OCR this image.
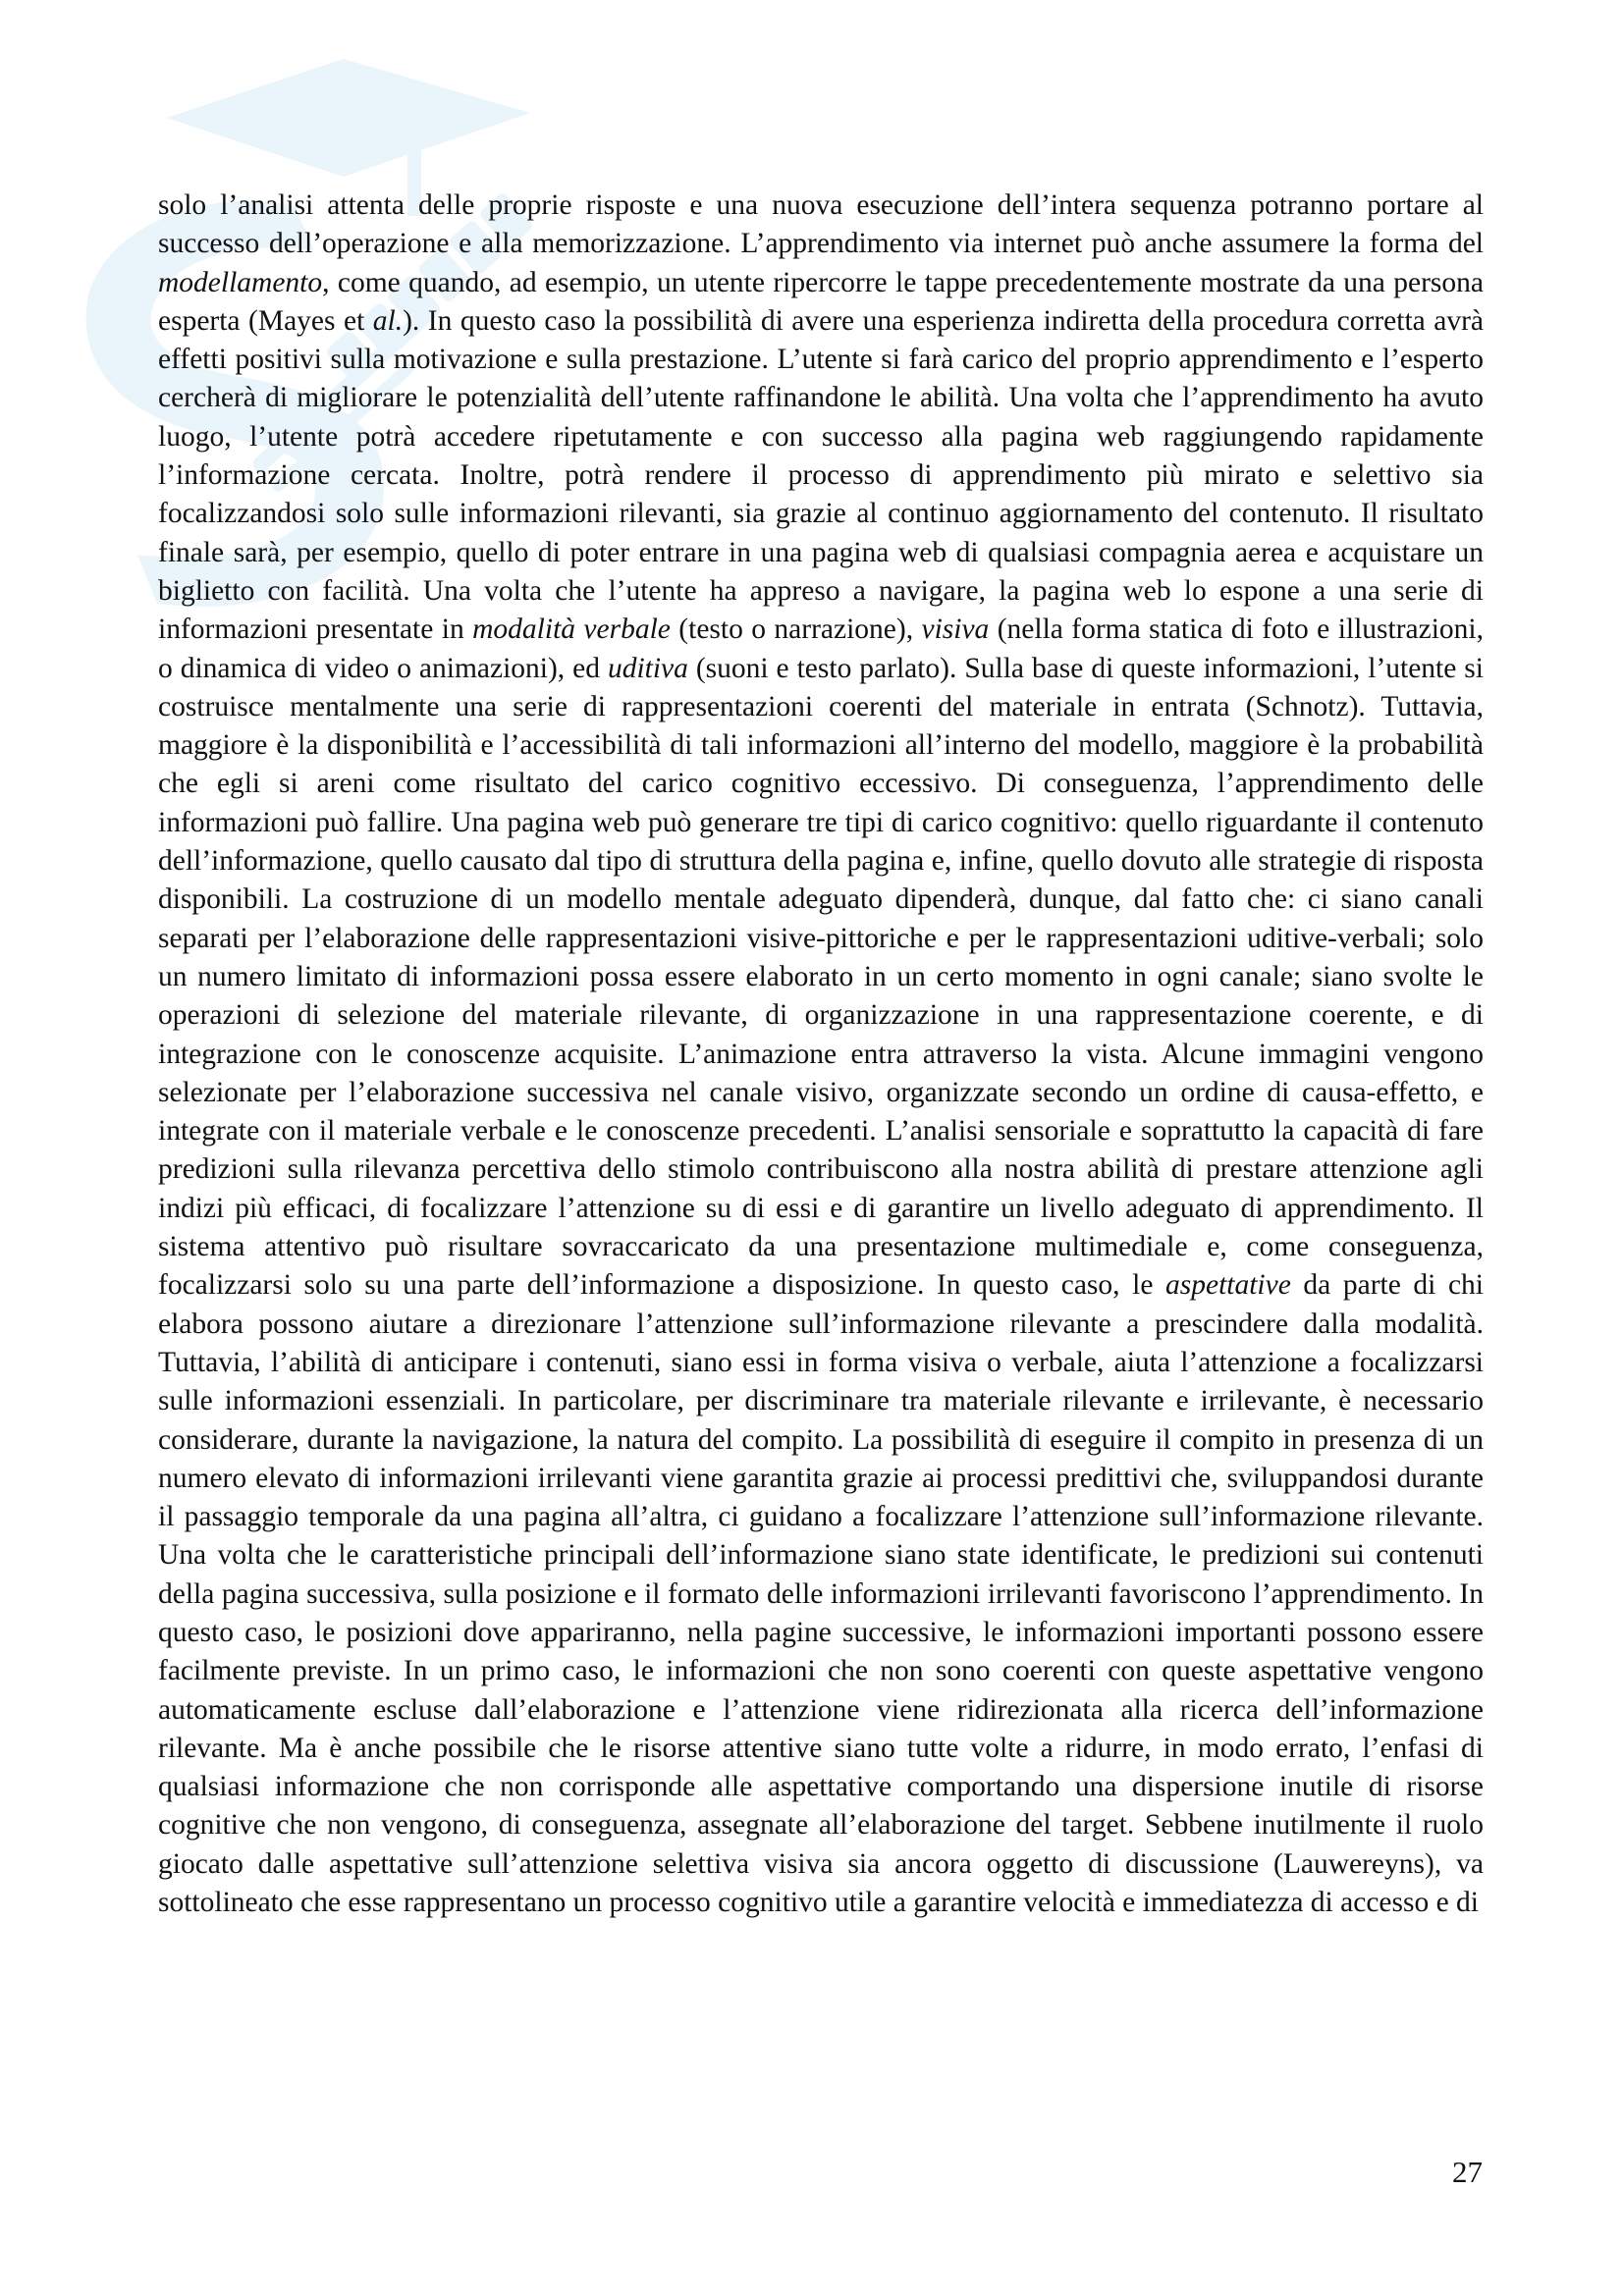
solo l’analisi attenta delle proprie risposte e una nuova esecuzione dell’intera sequenza potranno portare al successo dell’operazione e alla memorizzazione. L’apprendimento via internet può anche assumere la forma del modellamento, come quando, ad esempio, un utente ripercorre le tappe precedentemente mostrate da una persona esperta (Mayes et al.). In questo caso la possibilità di avere una esperienza indiretta della procedura corretta avrà effetti positivi sulla motivazione e sulla prestazione. L’utente si farà carico del proprio apprendimento e l’esperto cercherà di migliorare le potenzialità dell’utente raffinandone le abilità. Una volta che l’apprendimento ha avuto luogo, l’utente potrà accedere ripetutamente e con successo alla pagina web raggiungendo rapidamente l’informazione cercata. Inoltre, potrà rendere il processo di apprendimento più mirato e selettivo sia focalizzandosi solo sulle informazioni rilevanti, sia grazie al continuo aggiornamento del contenuto. Il risultato finale sarà, per esempio, quello di poter entrare in una pagina web di qualsiasi compagnia aerea e acquistare un biglietto con facilità. Una volta che l’utente ha appreso a navigare, la pagina web lo espone a una serie di informazioni presentate in modalità verbale (testo o narrazione), visiva (nella forma statica di foto e illustrazioni, o dinamica di video o animazioni), ed uditiva (suoni e testo parlato). Sulla base di queste informazioni, l’utente si costruisce mentalmente una serie di rappresentazioni coerenti del materiale in entrata (Schnotz). Tuttavia, maggiore è la disponibilità e l’accessibilità di tali informazioni all’interno del modello, maggiore è la probabilità che egli si areni come risultato del carico cognitivo eccessivo. Di conseguenza, l’apprendimento delle informazioni può fallire. Una pagina web può generare tre tipi di carico cognitivo: quello riguardante il contenuto dell’informazione, quello causato dal tipo di struttura della pagina e, infine, quello dovuto alle strategie di risposta disponibili. La costruzione di un modello mentale adeguato dipenderà, dunque, dal fatto che: ci siano canali separati per l’elaborazione delle rappresentazioni visive-pittoriche e per le rappresentazioni uditive-verbali; solo un numero limitato di informazioni possa essere elaborato in un certo momento in ogni canale; siano svolte le operazioni di selezione del materiale rilevante, di organizzazione in una rappresentazione coerente, e di integrazione con le conoscenze acquisite. L’animazione entra attraverso la vista. Alcune immagini vengono selezionate per l’elaborazione successiva nel canale visivo, organizzate secondo un ordine di causa-effetto, e integrate con il materiale verbale e le conoscenze precedenti. L’analisi sensoriale e soprattutto la capacità di fare predizioni sulla rilevanza percettiva dello stimolo contribuiscono alla nostra abilità di prestare attenzione agli indizi più efficaci, di focalizzare l’attenzione su di essi e di garantire un livello adeguato di apprendimento. Il sistema attentivo può risultare sovraccaricato da una presentazione multimediale e, come conseguenza, focalizzarsi solo su una parte dell’informazione a disposizione. In questo caso, le aspettative da parte di chi elabora possono aiutare a direzionare l’attenzione sull’informazione rilevante a prescindere dalla modalità. Tuttavia, l’abilità di anticipare i contenuti, siano essi in forma visiva o verbale, aiuta l’attenzione a focalizzarsi sulle informazioni essenziali. In particolare, per discriminare tra materiale rilevante e irrilevante, è necessario considerare, durante la navigazione, la natura del compito. La possibilità di eseguire il compito in presenza di un numero elevato di informazioni irrilevanti viene garantita grazie ai processi predittivi che, sviluppandosi durante il passaggio temporale da una pagina all’altra, ci guidano a focalizzare l’attenzione sull’informazione rilevante. Una volta che le caratteristiche principali dell’informazione siano state identificate, le predizioni sui contenuti della pagina successiva, sulla posizione e il formato delle informazioni irrilevanti favoriscono l’apprendimento. In questo caso, le posizioni dove appariranno, nella pagine successive, le informazioni importanti possono essere facilmente previste. In un primo caso, le informazioni che non sono coerenti con queste aspettative vengono automaticamente escluse dall’elaborazione e l’attenzione viene ridirezionata alla ricerca dell’informazione rilevante. Ma è anche possibile che le risorse attentive siano tutte volte a ridurre, in modo errato, l’enfasi di qualsiasi informazione che non corrisponde alle aspettative comportando una dispersione inutile di risorse cognitive che non vengono, di conseguenza, assegnate all’elaborazione del target. Sebbene inutilmente il ruolo giocato dalle aspettative sull’attenzione selettiva visiva sia ancora oggetto di discussione (Lauwereyns), va sottolineato che esse rappresentano un processo cognitivo utile a garantire velocità e immediatezza di accesso e di

27
